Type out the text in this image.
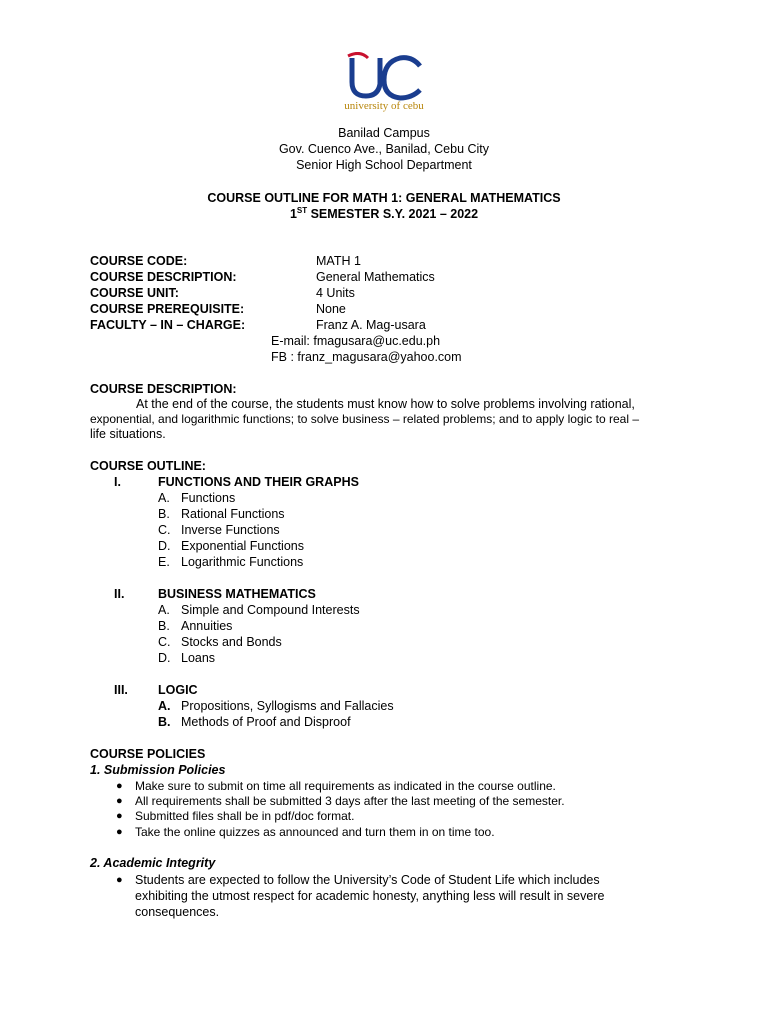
university of cebu
Banilad Campus
Gov. Cuenco Ave., Banilad, Cebu City
Senior High School Department
COURSE OUTLINE FOR MATH 1: GENERAL MATHEMATICS
1ST SEMESTER S.Y. 2021 – 2022
COURSE CODE:	MATH 1
COURSE DESCRIPTION:	General Mathematics
COURSE UNIT:	4 Units
COURSE PREREQUISITE:	None
FACULTY – IN – CHARGE:	Franz A. Mag-usara
E-mail: fmagusara@uc.edu.ph
FB : franz_magusara@yahoo.com
COURSE DESCRIPTION:
At the end of the course, the students must know how to solve problems involving rational,
exponential, and logarithmic functions; to solve business – related problems; and to apply logic to real –
life situations.
COURSE OUTLINE:
I.	FUNCTIONS AND THEIR GRAPHS
A. Functions
B. Rational Functions
C. Inverse Functions
D. Exponential Functions
E. Logarithmic Functions
II.	BUSINESS MATHEMATICS
A. Simple and Compound Interests
B. Annuities
C. Stocks and Bonds
D. Loans
III. LOGIC
A. Propositions, Syllogisms and Fallacies
B. Methods of Proof and Disproof
COURSE POLICIES
1. Submission Policies
● Make sure to submit on time all requirements as indicated in the course outline.
● All requirements shall be submitted 3 days after the last meeting of the semester.
● Submitted files shall be in pdf/doc format.
● Take the online quizzes as announced and turn them in on time too.
2. Academic Integrity
● Students are expected to follow the University’s Code of Student Life which includes
exhibiting the utmost respect for academic honesty, anything less will result in severe
consequences.
